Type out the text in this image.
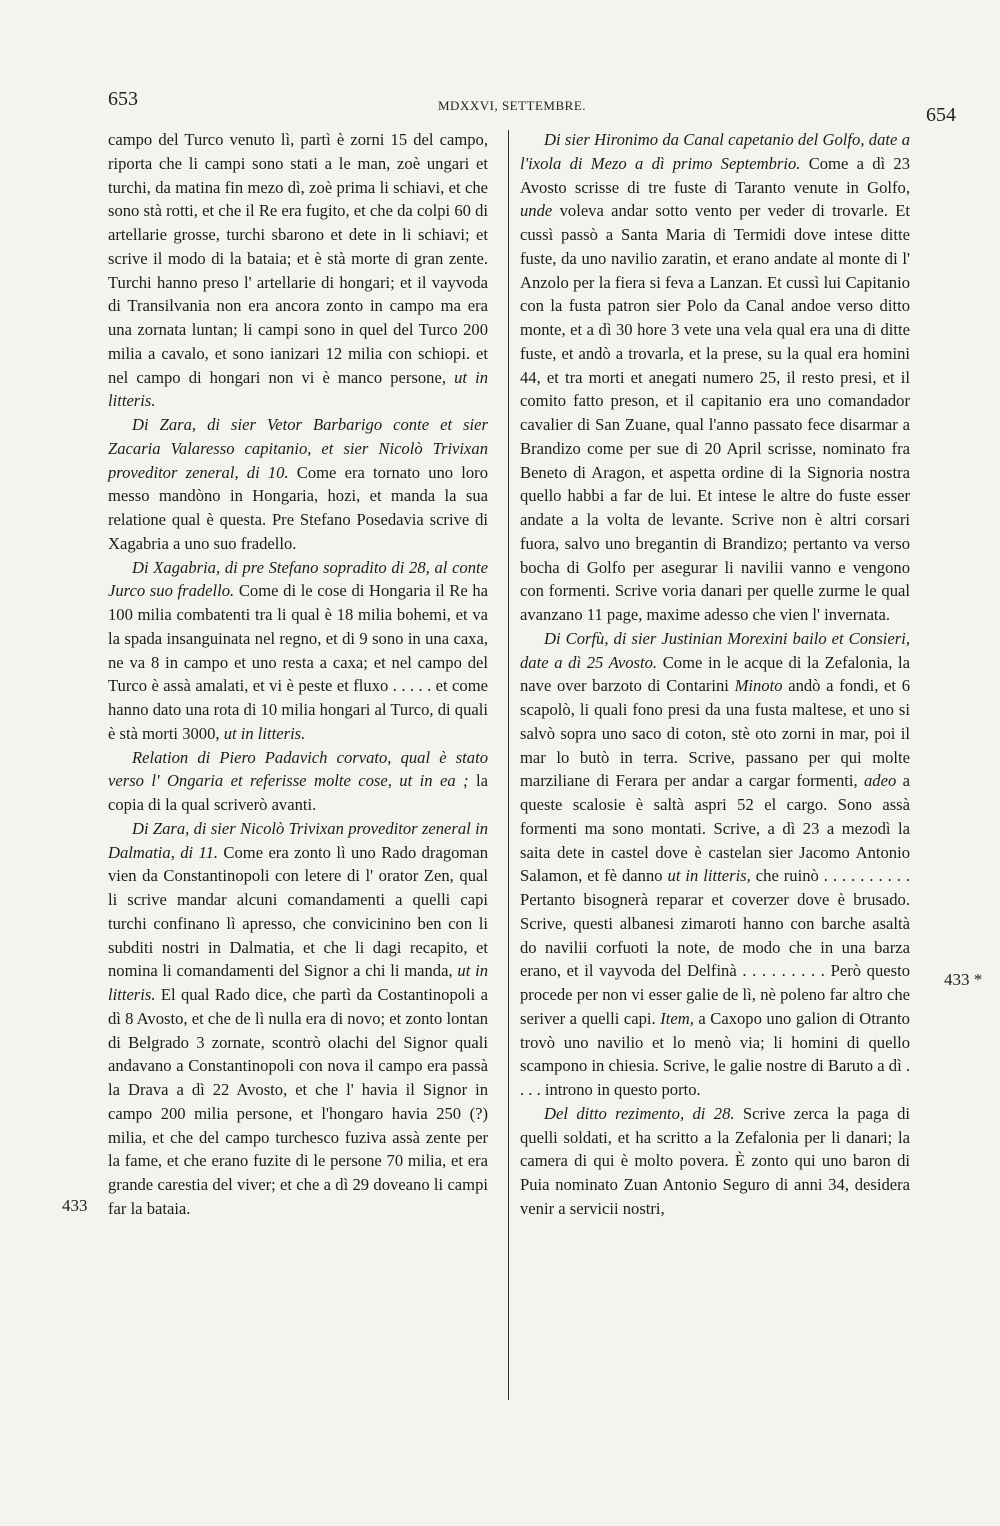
653	MDXXVI, SETTEMBRE.	654

campo del Turco venuto lì, partì è zorni 15 del campo, riporta che li campi sono stati a le man, zoè ungari et turchi, da matina fin mezo dì, zoè prima li schiavi, et che sono stà rotti, et che il Re era fugito, et che da colpi 60 di artellarie grosse, turchi sbarono et dete in li schiavi; et scrive il modo di la bataia; et è stà morte di gran zente. Turchi hanno preso l' artellarie di hongari; et il vayvoda di Transilvania non era ancora zonto in campo ma era una zornata luntan; li campi sono in quel del Turco 200 milia a cavalo, et sono ianizari 12 milia con schiopi. et nel campo di hongari non vi è manco persone, ut in litteris.

Di Zara, di sier Vetor Barbarigo conte et sier Zacaria Valaresso capitanio, et sier Nicolò Trivixan proveditor zeneral, di 10. Come era tornato uno loro messo mandòno in Hongaria, hozi, et manda la sua relatione qual è questa. Pre Stefano Posedavia scrive di Xagabria a uno suo fradello.

Di Xagabria, di pre Stefano sopradito di 28, al conte Jurco suo fradello. Come di le cose di Hongaria il Re ha 100 milia combatenti tra li qual è 18 milia bohemi, et va la spada insanguinata nel regno, et di 9 sono in una caxa, ne va 8 in campo et uno resta a caxa; et nel campo del Turco è assà amalati, et vi è peste et fluxo . . . . . et come hanno dato una rota di 10 milia hongari al Turco, di quali è stà morti 3000, ut in litteris.

Relation di Piero Padavich corvato, qual è stato verso l' Ongaria et referisse molte cose, ut in ea ; la copia di la qual scriverò avanti.

Di Zara, di sier Nicolò Trivixan proveditor zeneral in Dalmatia, di 11. Come era zonto lì uno Rado dragoman vien da Constantinopoli con letere di l' orator Zen, qual li scrive mandar alcuni comandamenti a quelli capi turchi confinano lì apresso, che convicinino ben con li subditi nostri in Dalmatia, et che li dagi recapito, et nomina li comandamenti del Signor a chi li manda, ut in litteris. El qual Rado dice, che partì da Costantinopoli a dì 8 Avosto, et che de lì nulla era di novo; et zonto lontan di Belgrado 3 zornate, scontrò olachi del Signor quali andavano a Constantinopoli con nova il campo era passà la Drava a dì 22 Avosto, et che l' havia il Signor in campo 200 milia persone, et l'hongaro havia 250 (?) milia, et che del campo turchesco fuziva assà zente per la fame, et che erano fuzite di le persone 70 milia, et era grande carestia del viver; et che a dì 29 doveano li campi far la bataia.

Di sier Hironimo da Canal capetanio del Golfo, date a l'ixola di Mezo a dì primo Septembrio. Come a dì 23 Avosto scrisse di tre fuste di Taranto venute in Golfo, unde voleva andar sotto vento per veder di trovarle. Et cussì passò a Santa Maria di Termidi dove intese ditte fuste, da uno navilio zaratin, et erano andate al monte di l' Anzolo per la fiera si feva a Lanzan. Et cussì lui Capitanio con la fusta patron sier Polo da Canal andoe verso ditto monte, et a dì 30 hore 3 vete una vela qual era una di ditte fuste, et andò a trovarla, et la prese, su la qual era homini 44, et tra morti et anegati numero 25, il resto presi, et il comito fatto preson, et il capitanio era uno comandador cavalier di San Zuane, qual l'anno passato fece disarmar a Brandizo come per sue di 20 April scrisse, nominato fra Beneto di Aragon, et aspetta ordine di la Signoria nostra quello habbi a far de lui. Et intese le altre do fuste esser andate a la volta de levante. Scrive non è altri corsari fuora, salvo uno bregantin di Brandizo; pertanto va verso bocha di Golfo per asegurar li navilii vanno e vengono con formenti. Scrive voria danari per quelle zurme le qual avanzano 11 page, maxime adesso che vien l' invernata.

Di Corfù, di sier Justinian Morexini bailo et Consieri, date a dì 25 Avosto. Come in le acque di la Zefalonia, la nave over barzoto di Contarini Minoto andò a fondi, et 6 scapolò, li quali fono presi da una fusta maltese, et uno si salvò sopra uno saco di coton, stè oto zorni in mar, poi il mar lo butò in terra. Scrive, passano per qui molte marziliane di Ferara per andar a cargar formenti, adeo a queste scalosie è saltà aspri 52 el cargo. Sono assà formenti ma sono montati. Scrive, a dì 23 a mezodì la saita dete in castel dove è castelan sier Jacomo Antonio Salamon, et fè danno ut in litteris, che ruinò . . . . . . . . . . Pertanto bisognerà reparar et coverzer dove è brusado. Scrive, questi albanesi zimaroti hanno con barche asaltà do navilii corfuoti la note, de modo che in una barza erano, et il vayvoda del Delfinà . . . . . . . . . Però questo procede per non vi esser galie de lì, nè poleno far altro che seriver a quelli capi. Item, a Caxopo uno galion di Otranto trovò uno navilio et lo menò via; li homini di quello scampono in chiesia. Scrive, le galie nostre di Baruto a dì . . . . introno in questo porto.

Del ditto rezimento, di 28. Scrive zerca la paga di quelli soldati, et ha scritto a la Zefalonia per li danari; la camera di qui è molto povera. È zonto qui uno baron di Puia nominato Zuan Antonio Seguro di anni 34, desidera venir a servicii nostri,

433 *
433
